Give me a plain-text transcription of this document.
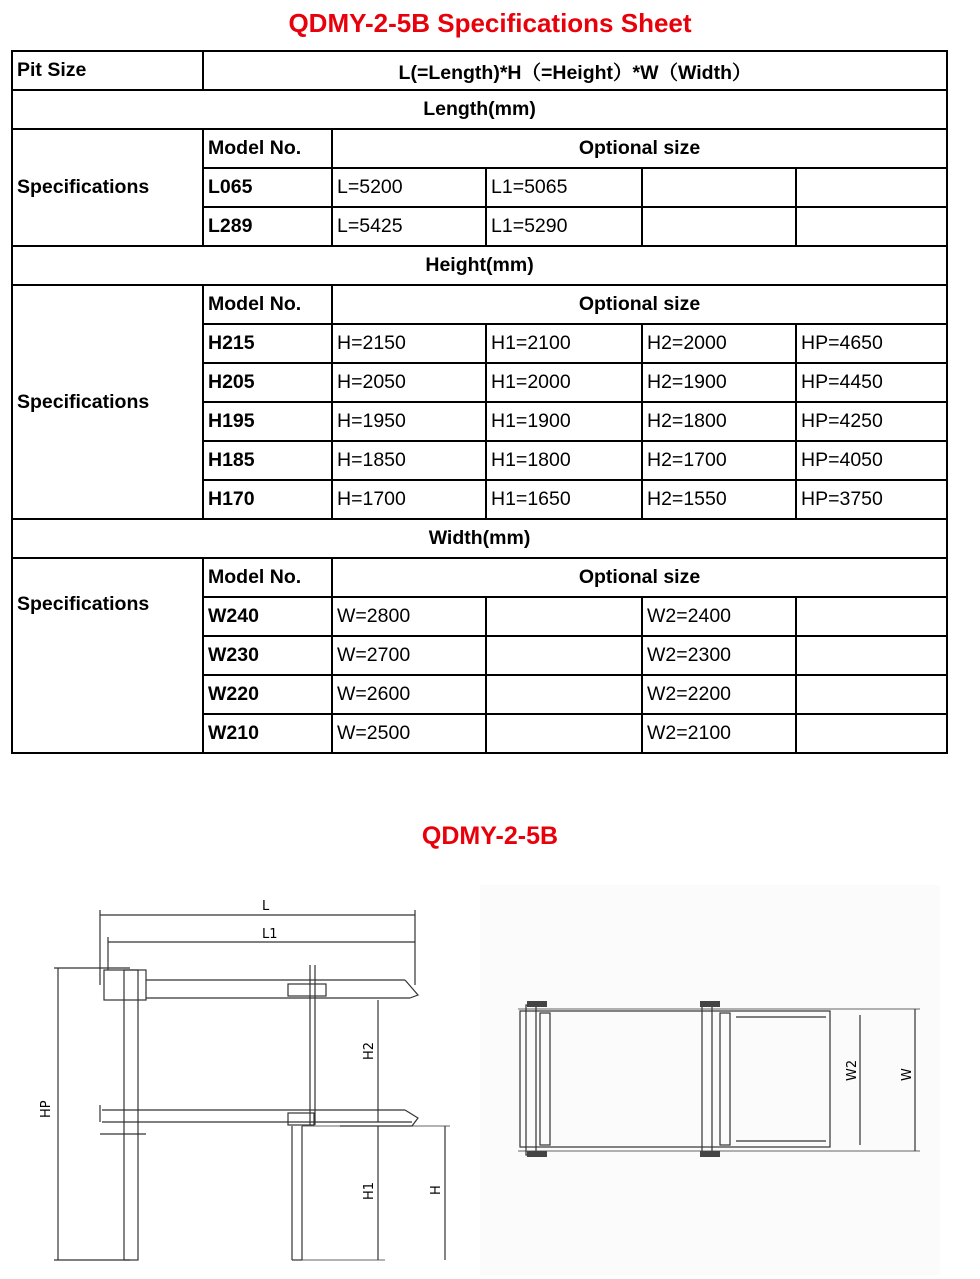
QDMY-2-5B Specifications Sheet
Pit Size	L(=Length)*H（=Height）*W（Width）				
Length(mm)					
Specifications	Model No.	Optional size			
	L065	L=5200	L1=5065		
	L289	L=5425	L1=5290		
Height(mm)					
Specifications	Model No.	Optional size			
	H215	H=2150	H1=2100	H2=2000	HP=4650
	H205	H=2050	H1=2000	H2=1900	HP=4450
	H195	H=1950	H1=1900	H2=1800	HP=4250
	H185	H=1850	H1=1800	H2=1700	HP=4050
	H170	H=1700	H1=1650	H2=1550	HP=3750
Width(mm)					
Specifications	Model No.	Optional size			
	W240	W=2800		W2=2400	
	W230	W=2700		W2=2300	
	W220	W=2600		W2=2200	
	W210	W=2500		W2=2100	
QDMY-2-5B
L
L1
HP
H2
H1	H
W2	W
